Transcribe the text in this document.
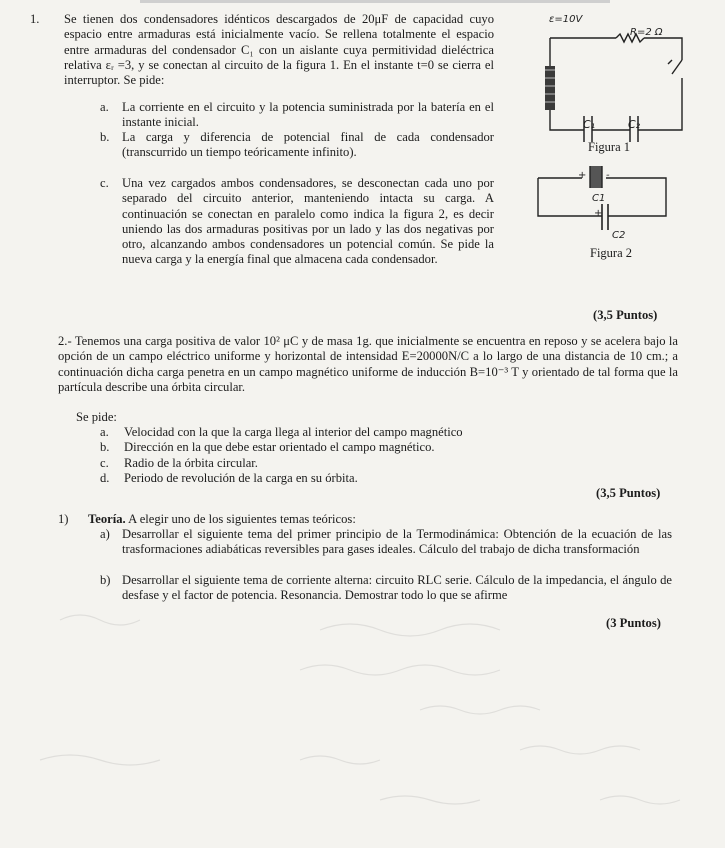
1. Se tienen dos condensadores idénticos descargados de 20μF de capacidad cuyo espacio entre armaduras está inicialmente vacío. Se rellena totalmente el espacio entre armaduras del condensador C₁ con un aislante cuya permitividad dieléctrica relativa εᵣ =3, y se conectan al circuito de la figura 1. En el instante t=0 se cierra el interruptor. Se pide:
a. La corriente en el circuito y la potencia suministrada por la batería en el instante inicial.
b. La carga y diferencia de potencial final de cada condensador (transcurrido un tiempo teóricamente infinito).
c. Una vez cargados ambos condensadores, se desconectan cada uno por separado del circuito anterior, manteniendo intacta su carga. A continuación se conectan en paralelo como indica la figura 2, es decir uniendo las dos armaduras positivas por un lado y las dos negativas por otro, alcanzando ambos condensadores un potencial común. Se pide la nueva carga y la energía final que almacena cada condensador.
ε=10V
R=2 Ω
C₁	C₂
Figura 1
+ -
C1
+
C2
Figura 2
(3,5 Puntos)
2.- Tenemos una carga positiva de valor 10² μC y de masa 1g. que inicialmente se encuentra en reposo y se acelera bajo la opción de un campo eléctrico uniforme y horizontal de intensidad E=20000N/C a lo largo de una distancia de 10 cm.; a continuación dicha carga penetra en un campo magnético uniforme de inducción B=10⁻³ T y orientado de tal forma que la partícula describe una órbita circular.
Se pide:
a. Velocidad con la que la carga llega al interior del campo magnético
b. Dirección en la que debe estar orientado el campo magnético.
c. Radio de la órbita circular.
d. Periodo de revolución de la carga en su órbita.
(3,5 Puntos)
1) Teoría. A elegir uno de los siguientes temas teóricos:
a) Desarrollar el siguiente tema del primer principio de la Termodinámica: Obtención de la ecuación de las trasformaciones adiabáticas reversibles para gases ideales. Cálculo del trabajo de dicha transformación
b) Desarrollar el siguiente tema de corriente alterna: circuito RLC serie. Cálculo de la impedancia, el ángulo de desfase y el factor de potencia. Resonancia. Demostrar todo lo que se afirme
(3 Puntos)
